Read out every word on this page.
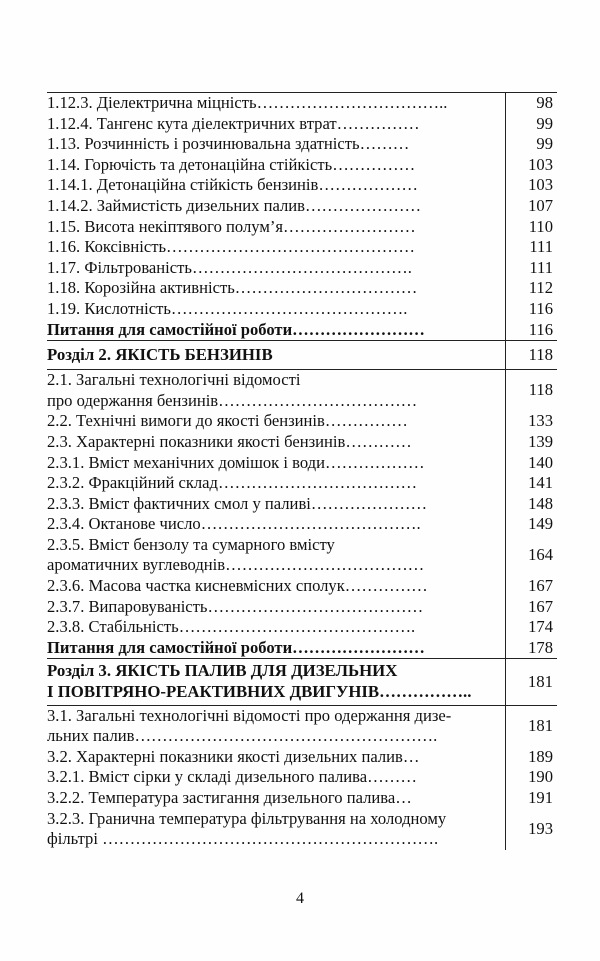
1.12.3. Діелектрична міцність……………………………..	98
1.12.4. Тангенс кута діелектричних втрат……………	99
1.13. Розчинність і розчинювальна здатність………	99
1.14. Горючість та детонаційна стійкість……………	103
1.14.1. Детонаційна стійкість бензинів………………	103
1.14.2. Займистість дизельних палив…………………	107
1.15. Висота некіптявого полум’я……………………	110
1.16. Коксівність………………………………………	111
1.17. Фільтрованість………………………………….	111
1.18. Корозійна активність……………………………	112
1.19. Кислотність…………………………………….	116
Питання для самостійної роботи……………………	116

Розділ 2. ЯКІСТЬ БЕНЗИНІВ	118

2.1. Загальні технологічні відомості
про одержання бензинів………………………………	118
2.2. Технічні вимоги до якості бензинів……………	133
2.3. Характерні показники якості бензинів…………	139
2.3.1. Вміст механічних домішок і води………………	140
2.3.2. Фракційний склад………………………………	141
2.3.3. Вміст фактичних смол у паливі…………………	148
2.3.4. Октанове число………………………………….	149

2.3.5. Вміст бензолу та сумарного вмісту
ароматичних вуглеводнів………………………………	164
2.3.6. Масова частка кисневмісних сполук……………	167
2.3.7. Випаровуваність…………………………………	167
2.3.8. Стабільність…………………………………….	174
Питання для самостійної роботи……………………	178

Розділ 3. ЯКІСТЬ ПАЛИВ ДЛЯ ДИЗЕЛЬНИХ
І ПОВІТРЯНО-РЕАКТИВНИХ ДВИГУНІВ……………..	181

3.1. Загальні технологічні відомості про одержання дизе-
льних палив……………………………………………….	181
3.2. Характерні показники якості дизельних палив…	189
3.2.1. Вміст сірки у складі дизельного палива………	190
3.2.2. Температура застигання дизельного палива…	191

3.2.3. Гранична температура фільтрування на холодному
фільтрі …………………………………………………….	193
4
